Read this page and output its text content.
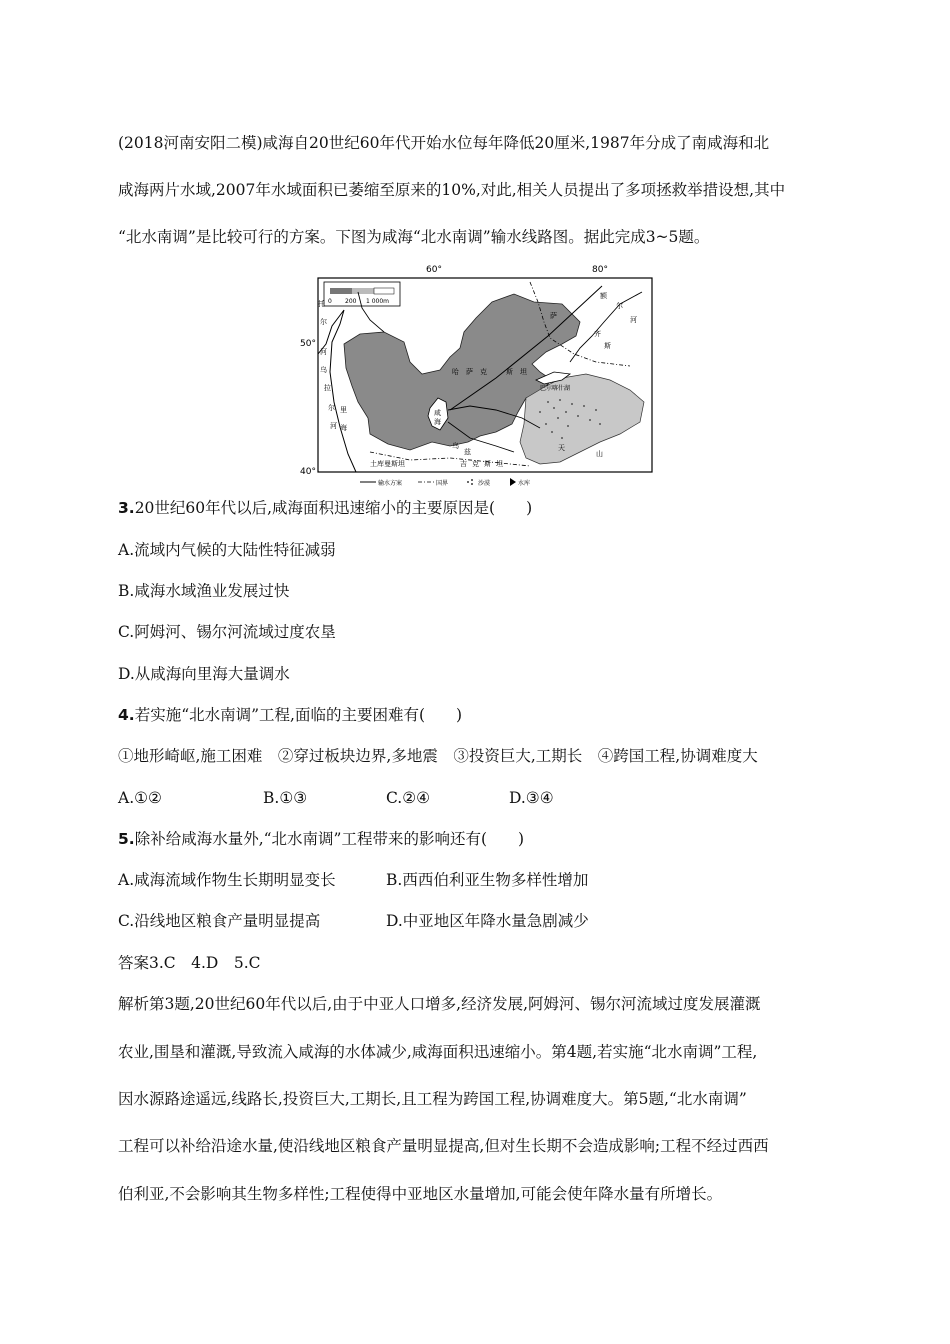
(2018河南安阳二模)咸海自20世纪60年代开始水位每年降低20厘米,1987年分成了南咸海和北
咸海两片水域,2007年水域面积已萎缩至原来的10%,对此,相关人员提出了多项拯救举措设想,其中
“北水南调”是比较可行的方案。下图为咸海“北水南调”输水线路图。据此完成3~5题。
60°	80°
50°
40°
0 200 1 000m
咸
海
托
尔
河
乌
拉
尔
河
哈 萨 克	斯 坦
额
尔
齐
斯
河
巴尔喀什湖
萨
天
山
乌
兹
里
海
土库曼斯坦	吉 克 斯 坦
输水方案	国界	沙漠	水库
3.20世纪60年代以后,咸海面积迅速缩小的主要原因是(　　)
A.流域内气候的大陆性特征减弱
B.咸海水域渔业发展过快
C.阿姆河、锡尔河流域过度农垦
D.从咸海向里海大量调水
4.若实施“北水南调”工程,面临的主要困难有(　　)
①地形崎岖,施工困难　②穿过板块边界,多地震　③投资巨大,工期长　④跨国工程,协调难度大
A.①②	B.①③	C.②④	D.③④
5.除补给咸海水量外,“北水南调”工程带来的影响还有(　　)
A.咸海流域作物生长期明显变长	B.西西伯利亚生物多样性增加
C.沿线地区粮食产量明显提高	D.中亚地区年降水量急剧减少
答案3.C　4.D　5.C
解析第3题,20世纪60年代以后,由于中亚人口增多,经济发展,阿姆河、锡尔河流域过度发展灌溉
农业,围垦和灌溉,导致流入咸海的水体减少,咸海面积迅速缩小。第4题,若实施“北水南调”工程,
因水源路途遥远,线路长,投资巨大,工期长,且工程为跨国工程,协调难度大。第5题,“北水南调”
工程可以补给沿途水量,使沿线地区粮食产量明显提高,但对生长期不会造成影响;工程不经过西西
伯利亚,不会影响其生物多样性;工程使得中亚地区水量增加,可能会使年降水量有所增长。
